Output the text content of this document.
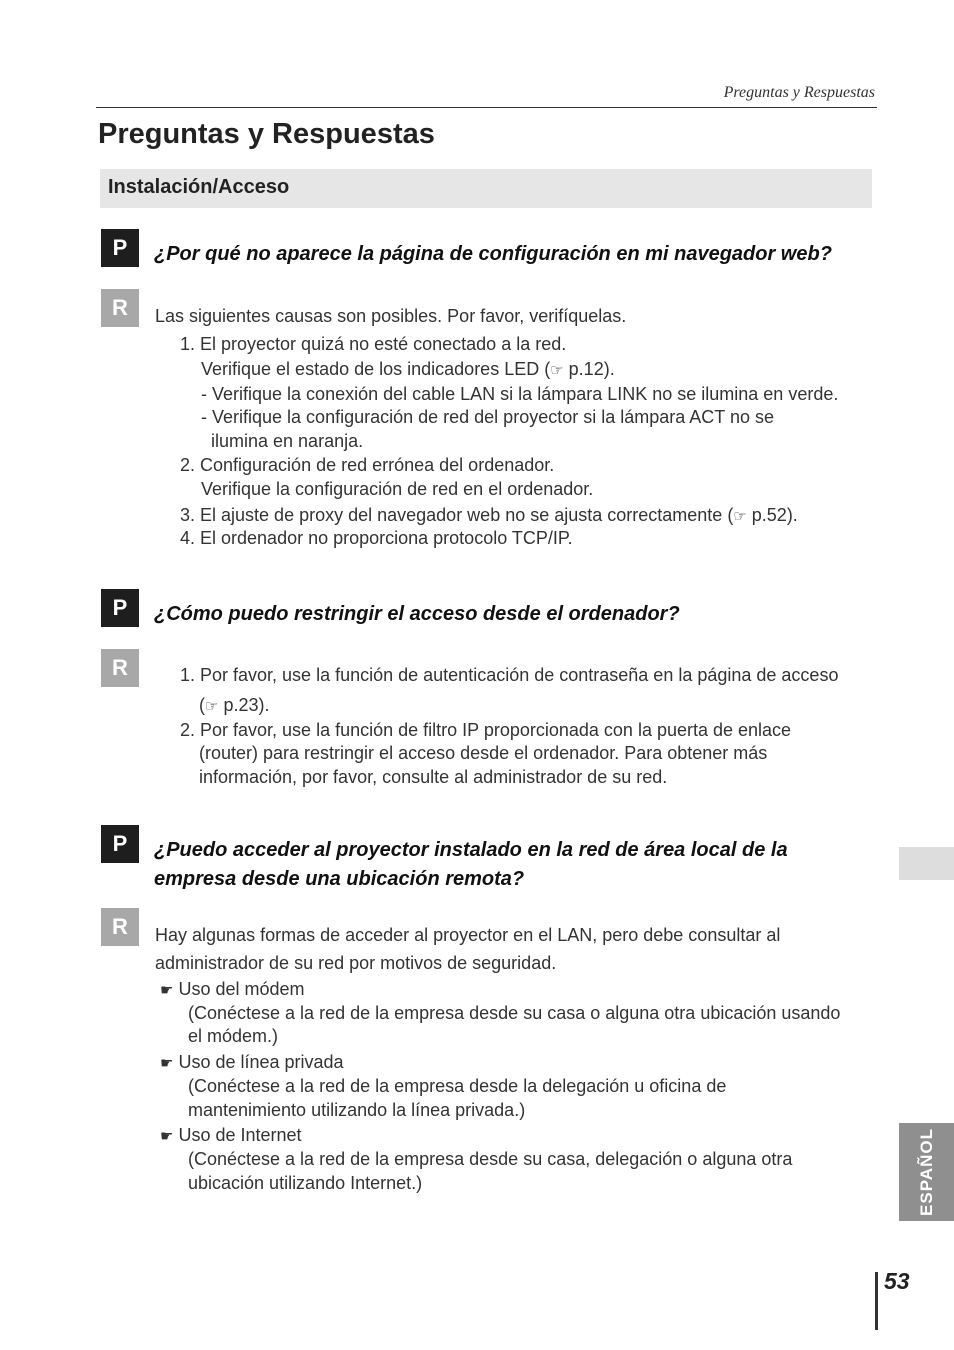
Preguntas y Respuestas
Preguntas y Respuestas
Instalación/Acceso
P	¿Por qué no aparece la página de configuración en mi navegador web?
R	Las siguientes causas son posibles. Por favor, verifíquelas.
1. El proyector quizá no esté conectado a la red.
Verifique el estado de los indicadores LED (☞ p.12).
- Verifique la conexión del cable LAN si la lámpara LINK no se ilumina en verde.
- Verifique la configuración de red del proyector si la lámpara ACT no se
ilumina en naranja.
2. Configuración de red errónea del ordenador.
Verifique la configuración de red en el ordenador.
3. El ajuste de proxy del navegador web no se ajusta correctamente (☞ p.52).
4. El ordenador no proporciona protocolo TCP/IP.
P	¿Cómo puedo restringir el acceso desde el ordenador?
R	1. Por favor, use la función de autenticación de contraseña en la página de acceso
(☞ p.23).
2. Por favor, use la función de filtro IP proporcionada con la puerta de enlace
(router) para restringir el acceso desde el ordenador. Para obtener más
información, por favor, consulte al administrador de su red.
P	¿Puedo acceder al proyector instalado en la red de área local de la
empresa desde una ubicación remota?
R	Hay algunas formas de acceder al proyector en el LAN, pero debe consultar al
administrador de su red por motivos de seguridad.
☛ Uso del módem
(Conéctese a la red de la empresa desde su casa o alguna otra ubicación usando
el módem.)
☛ Uso de línea privada
(Conéctese a la red de la empresa desde la delegación u oficina de
mantenimiento utilizando la línea privada.)
☛ Uso de Internet
(Conéctese a la red de la empresa desde su casa, delegación o alguna otra
ubicación utilizando Internet.)	ESPAÑOL
53
